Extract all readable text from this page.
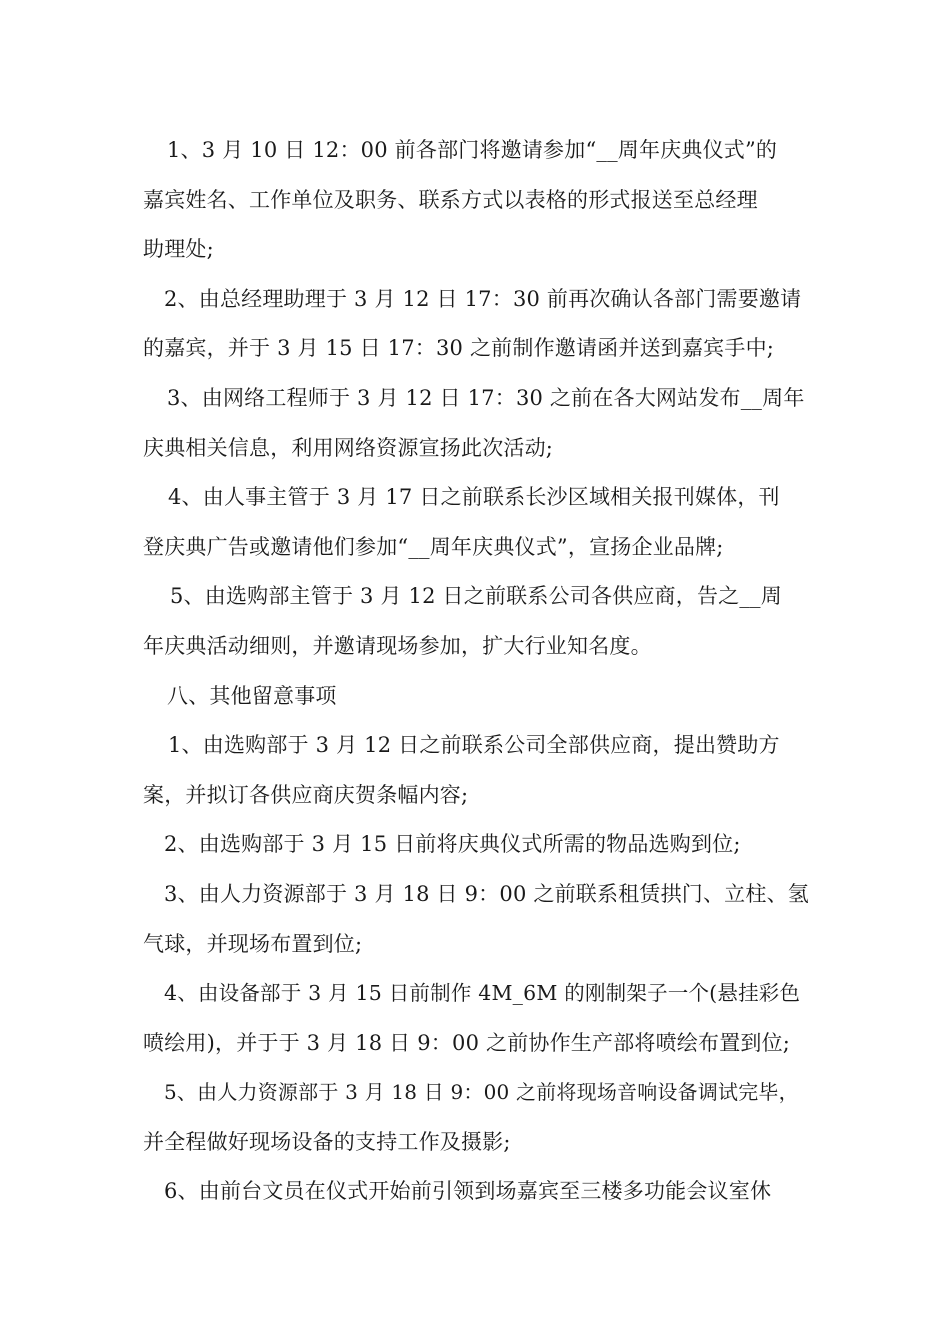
1、3 月 10 日 12：00 前各部门将邀请参加“__周年庆典仪式”的
嘉宾姓名、工作单位及职务、联系方式以表格的形式报送至总经理
助理处;
2、由总经理助理于 3 月 12 日 17：30 前再次确认各部门需要邀请
的嘉宾，并于 3 月 15 日 17：30 之前制作邀请函并送到嘉宾手中;
3、由网络工程师于 3 月 12 日 17：30 之前在各大网站发布__周年
庆典相关信息，利用网络资源宣扬此次活动;
4、由人事主管于 3 月 17 日之前联系长沙区域相关报刊媒体，刊
登庆典广告或邀请他们参加“__周年庆典仪式”，宣扬企业品牌;
5、由选购部主管于 3 月 12 日之前联系公司各供应商，告之__周
年庆典活动细则，并邀请现场参加，扩大行业知名度。
八、其他留意事项
1、由选购部于 3 月 12 日之前联系公司全部供应商，提出赞助方
案，并拟订各供应商庆贺条幅内容;
2、由选购部于 3 月 15 日前将庆典仪式所需的物品选购到位;
3、由人力资源部于 3 月 18 日 9：00 之前联系租赁拱门、立柱、氢
气球，并现场布置到位;
4、由设备部于 3 月 15 日前制作 4M_6M 的刚制架子一个(悬挂彩色
喷绘用)，并于于 3 月 18 日 9：00 之前协作生产部将喷绘布置到位;
5、由人力资源部于 3 月 18 日 9：00 之前将现场音响设备调试完毕，
并全程做好现场设备的支持工作及摄影;
6、由前台文员在仪式开始前引领到场嘉宾至三楼多功能会议室休
